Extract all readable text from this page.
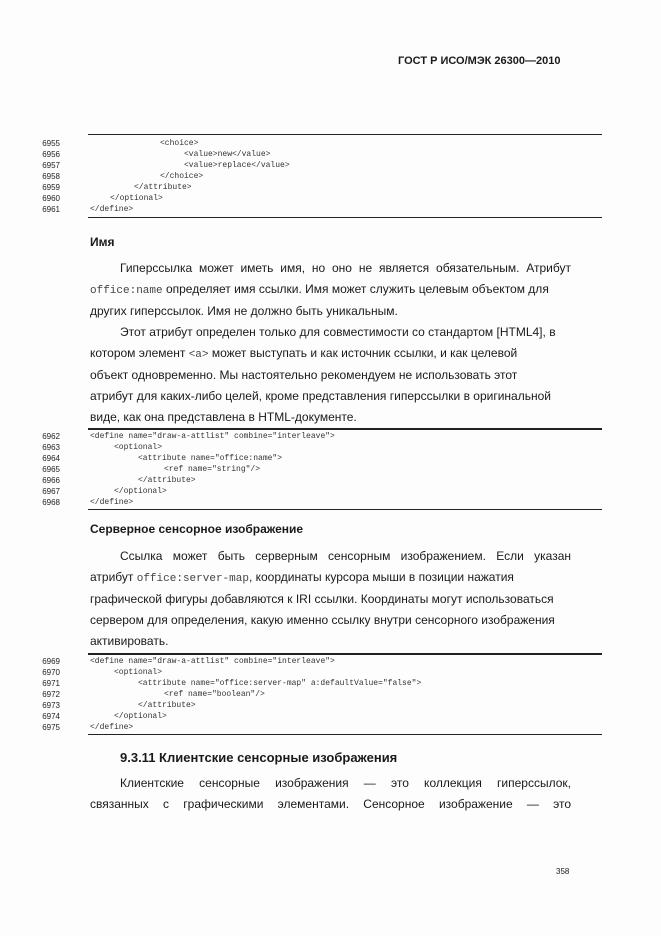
ГОСТ Р ИСО/МЭК 26300—2010
6955	<choice>
6956	<value>new</value>
6957	<value>replace</value>
6958	</choice>
6959	</attribute>
6960	</optional>
6961	</define>
Имя
Гиперссылка может иметь имя, но оно не является обязательным. Атрибут
office:name определяет имя ссылки. Имя может служить целевым объектом для
других гиперссылок. Имя не должно быть уникальным.
Этот атрибут определен только для совместимости со стандартом [HTML4], в
котором элемент <a> может выступать и как источник ссылки, и как целевой
объект одновременно. Мы настоятельно рекомендуем не использовать этот
атрибут для каких-либо целей, кроме представления гиперссылки в оригинальной
виде, как она представлена в HTML-документе.
6962	<define name="draw-a-attlist" combine="interleave">
6963	<optional>
6964	<attribute name="office:name">
6965	<ref name="string"/>
6966	</attribute>
6967	</optional>
6968	</define>
Серверное сенсорное изображение
Ссылка может быть серверным сенсорным изображением. Если указан
атрибут office:server-map, координаты курсора мыши в позиции нажатия
графической фигуры добавляются к IRI ссылки. Координаты могут использоваться
сервером для определения, какую именно ссылку внутри сенсорного изображения
активировать.
6969	<define name="draw-a-attlist" combine="interleave">
6970	<optional>
6971	<attribute name="office:server-map" a:defaultValue="false">
6972	<ref name="boolean"/>
6973	</attribute>
6974	</optional>
6975	</define>
9.3.11 Клиентские сенсорные изображения
Клиентские сенсорные изображения — это коллекция гиперссылок,
связанных с графическими элементами. Сенсорное изображение — это
358
